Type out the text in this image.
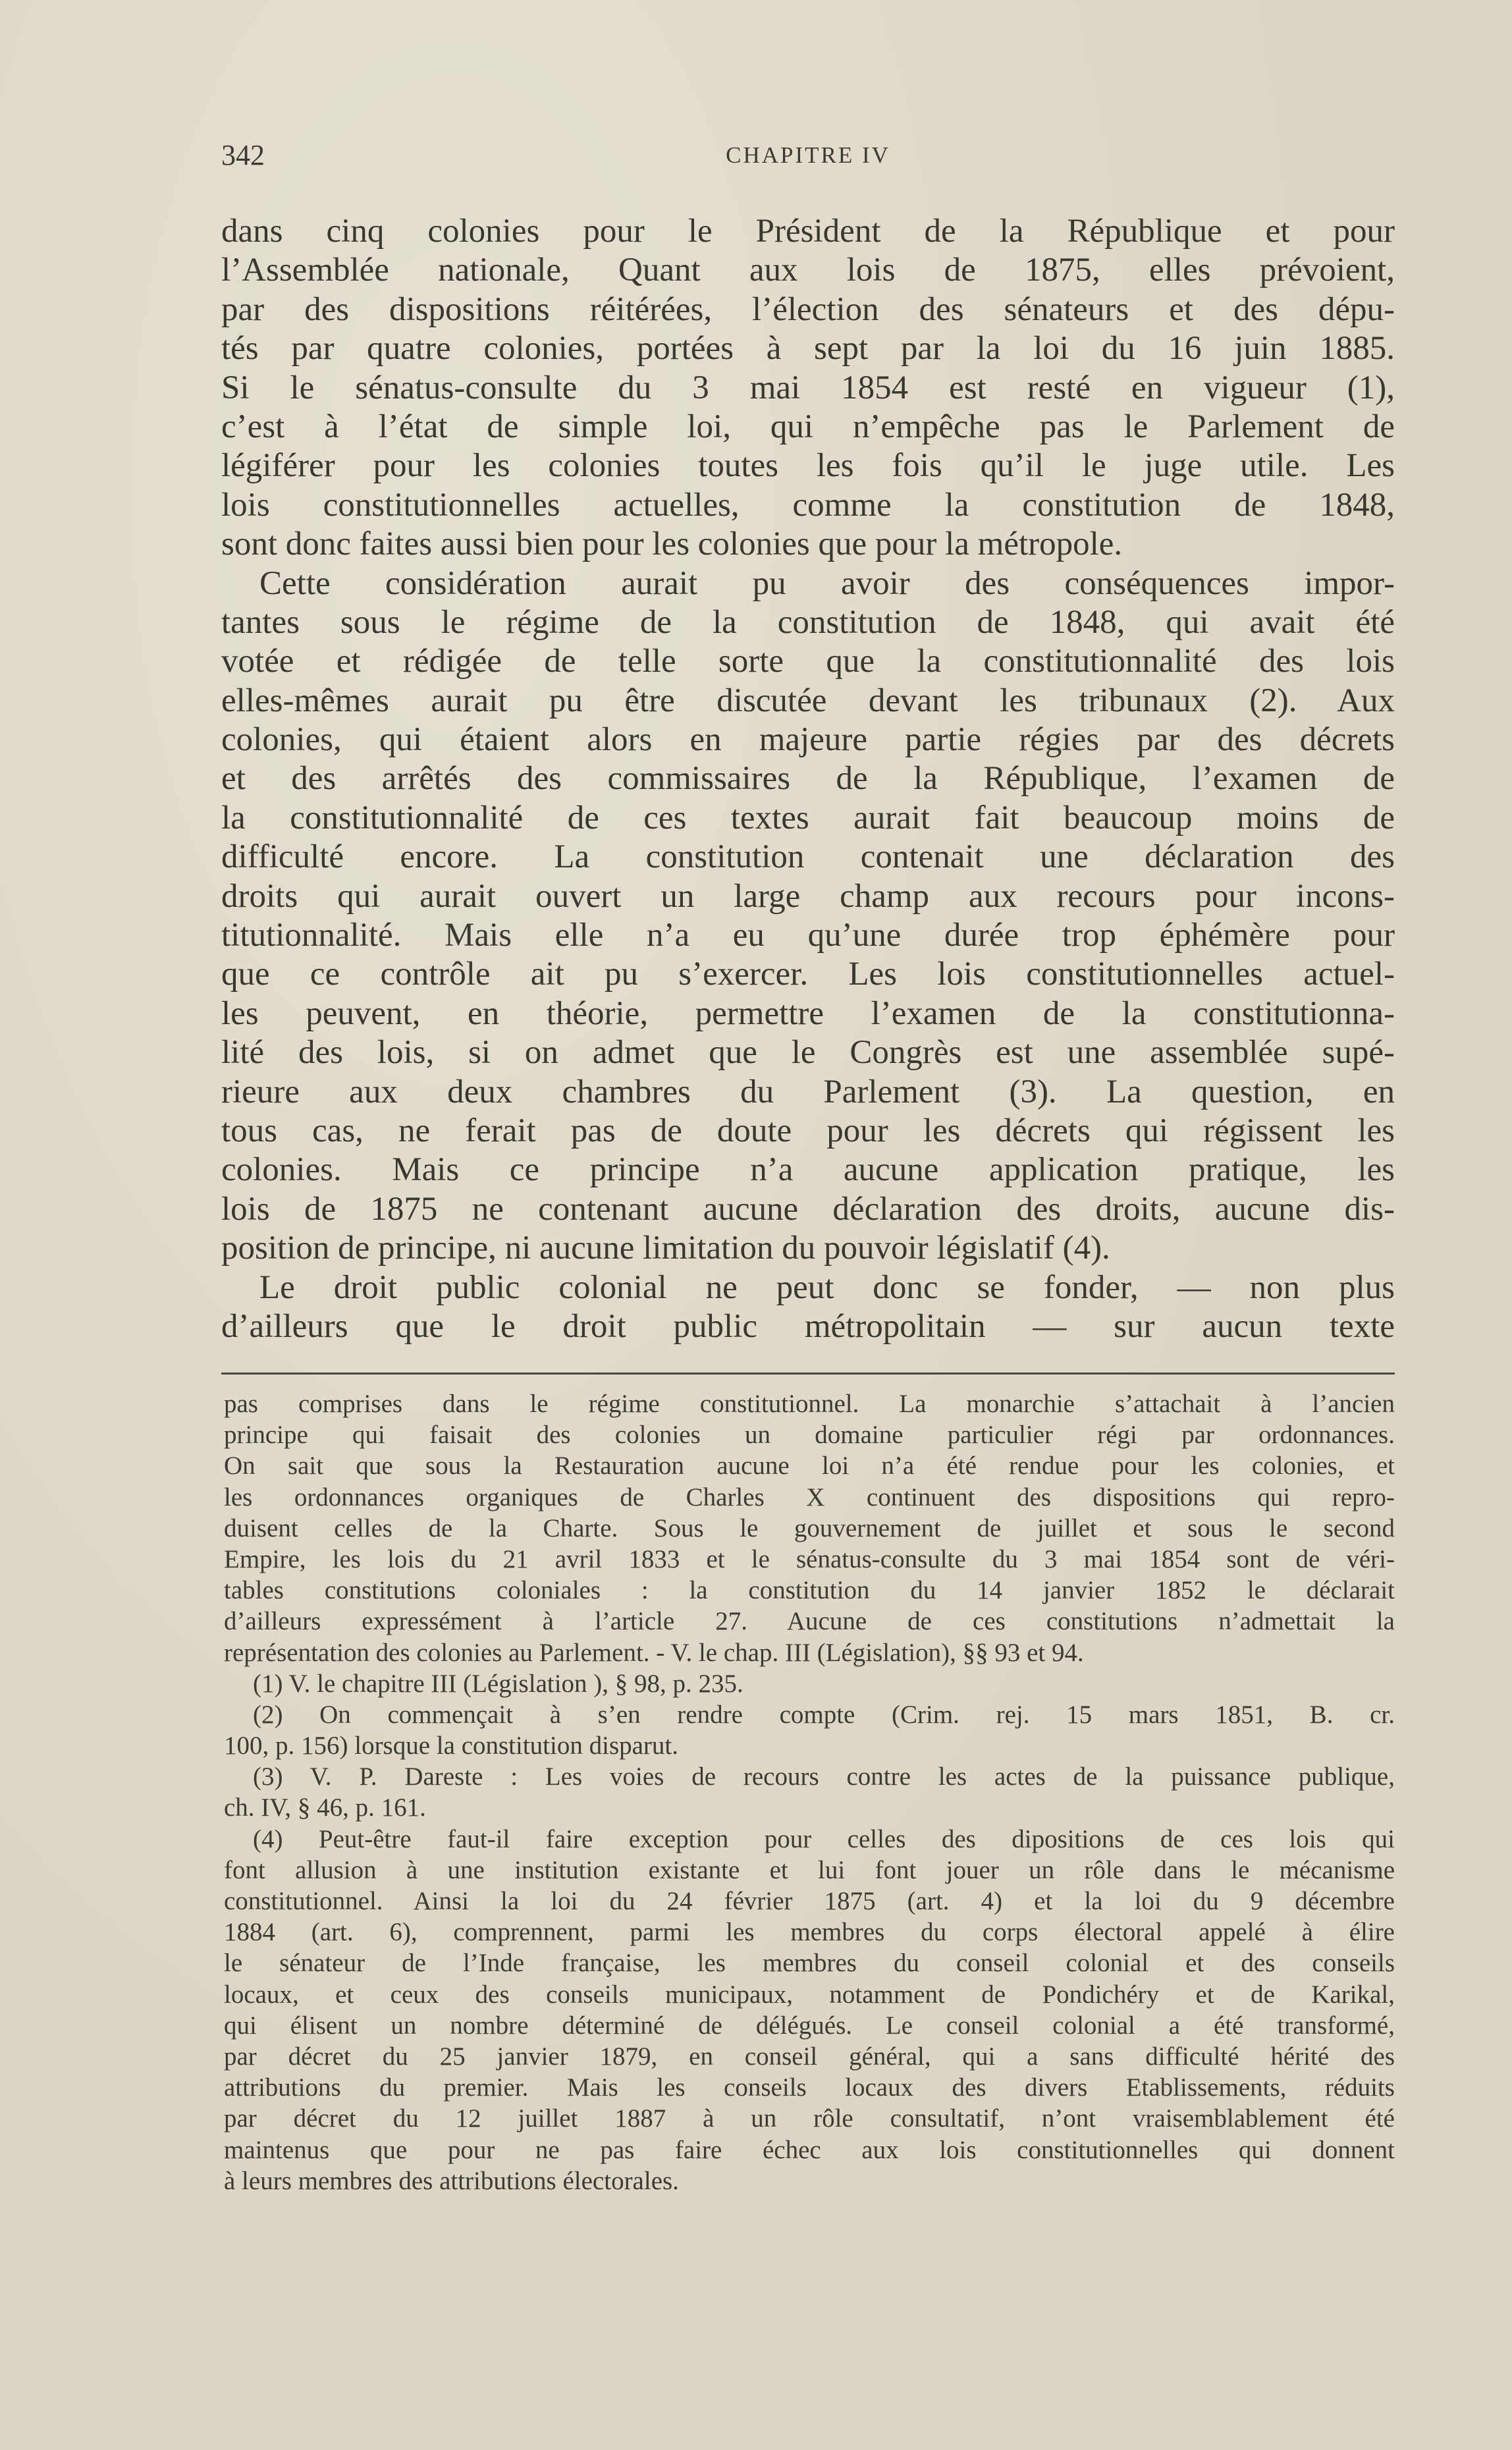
342	CHAPITRE IV
dans cinq colonies pour le Président de la République et pour
l’Assemblée nationale, Quant aux lois de 1875, elles prévoient,
par des dispositions réitérées, l’élection des sénateurs et des dépu-
tés par quatre colonies, portées à sept par la loi du 16 juin 1885.
Si le sénatus-consulte du 3 mai 1854 est resté en vigueur (1),
c’est à l’état de simple loi, qui n’empêche pas le Parlement de
légiférer pour les colonies toutes les fois qu’il le juge utile. Les
lois constitutionnelles actuelles, comme la constitution de 1848,
sont donc faites aussi bien pour les colonies que pour la métropole.
Cette considération aurait pu avoir des conséquences impor-
tantes sous le régime de la constitution de 1848, qui avait été
votée et rédigée de telle sorte que la constitutionnalité des lois
elles-mêmes aurait pu être discutée devant les tribunaux (2). Aux
colonies, qui étaient alors en majeure partie régies par des décrets
et des arrêtés des commissaires de la République, l’examen de
la constitutionnalité de ces textes aurait fait beaucoup moins de
difficulté encore. La constitution contenait une déclaration des
droits qui aurait ouvert un large champ aux recours pour incons-
titutionnalité. Mais elle n’a eu qu’une durée trop éphémère pour
que ce contrôle ait pu s’exercer. Les lois constitutionnelles actuel-
les peuvent, en théorie, permettre l’examen de la constitutionna-
lité des lois, si on admet que le Congrès est une assemblée supé-
rieure aux deux chambres du Parlement (3). La question, en
tous cas, ne ferait pas de doute pour les décrets qui régissent les
colonies. Mais ce principe n’a aucune application pratique, les
lois de 1875 ne contenant aucune déclaration des droits, aucune dis-
position de principe, ni aucune limitation du pouvoir législatif (4).
Le droit public colonial ne peut donc se fonder, — non plus
d’ailleurs que le droit public métropolitain — sur aucun texte
pas comprises dans le régime constitutionnel. La monarchie s’attachait à l’ancien
principe qui faisait des colonies un domaine particulier régi par ordonnances.
On sait que sous la Restauration aucune loi n’a été rendue pour les colonies, et
les ordonnances organiques de Charles X continuent des dispositions qui repro-
duisent celles de la Charte. Sous le gouvernement de juillet et sous le second
Empire, les lois du 21 avril 1833 et le sénatus-consulte du 3 mai 1854 sont de véri-
tables constitutions coloniales : la constitution du 14 janvier 1852 le déclarait
d’ailleurs expressément à l’article 27. Aucune de ces constitutions n’admettait la
représentation des colonies au Parlement. - V. le chap. III (Législation), §§ 93 et 94.
(1) V. le chapitre III (Législation ), § 98, p. 235.
(2) On commençait à s’en rendre compte (Crim. rej. 15 mars 1851, B. cr.
100, p. 156) lorsque la constitution disparut.
(3) V. P. Dareste : Les voies de recours contre les actes de la puissance publique,
ch. IV, § 46, p. 161.
(4) Peut-être faut-il faire exception pour celles des dipositions de ces lois qui
font allusion à une institution existante et lui font jouer un rôle dans le mécanisme
constitutionnel. Ainsi la loi du 24 février 1875 (art. 4) et la loi du 9 décembre
1884 (art. 6), comprennent, parmi les membres du corps électoral appelé à élire
le sénateur de l’Inde française, les membres du conseil colonial et des conseils
locaux, et ceux des conseils municipaux, notamment de Pondichéry et de Karikal,
qui élisent un nombre déterminé de délégués. Le conseil colonial a été transformé,
par décret du 25 janvier 1879, en conseil général, qui a sans difficulté hérité des
attributions du premier. Mais les conseils locaux des divers Etablissements, réduits
par décret du 12 juillet 1887 à un rôle consultatif, n’ont vraisemblablement été
maintenus que pour ne pas faire échec aux lois constitutionnelles qui donnent
à leurs membres des attributions électorales.
